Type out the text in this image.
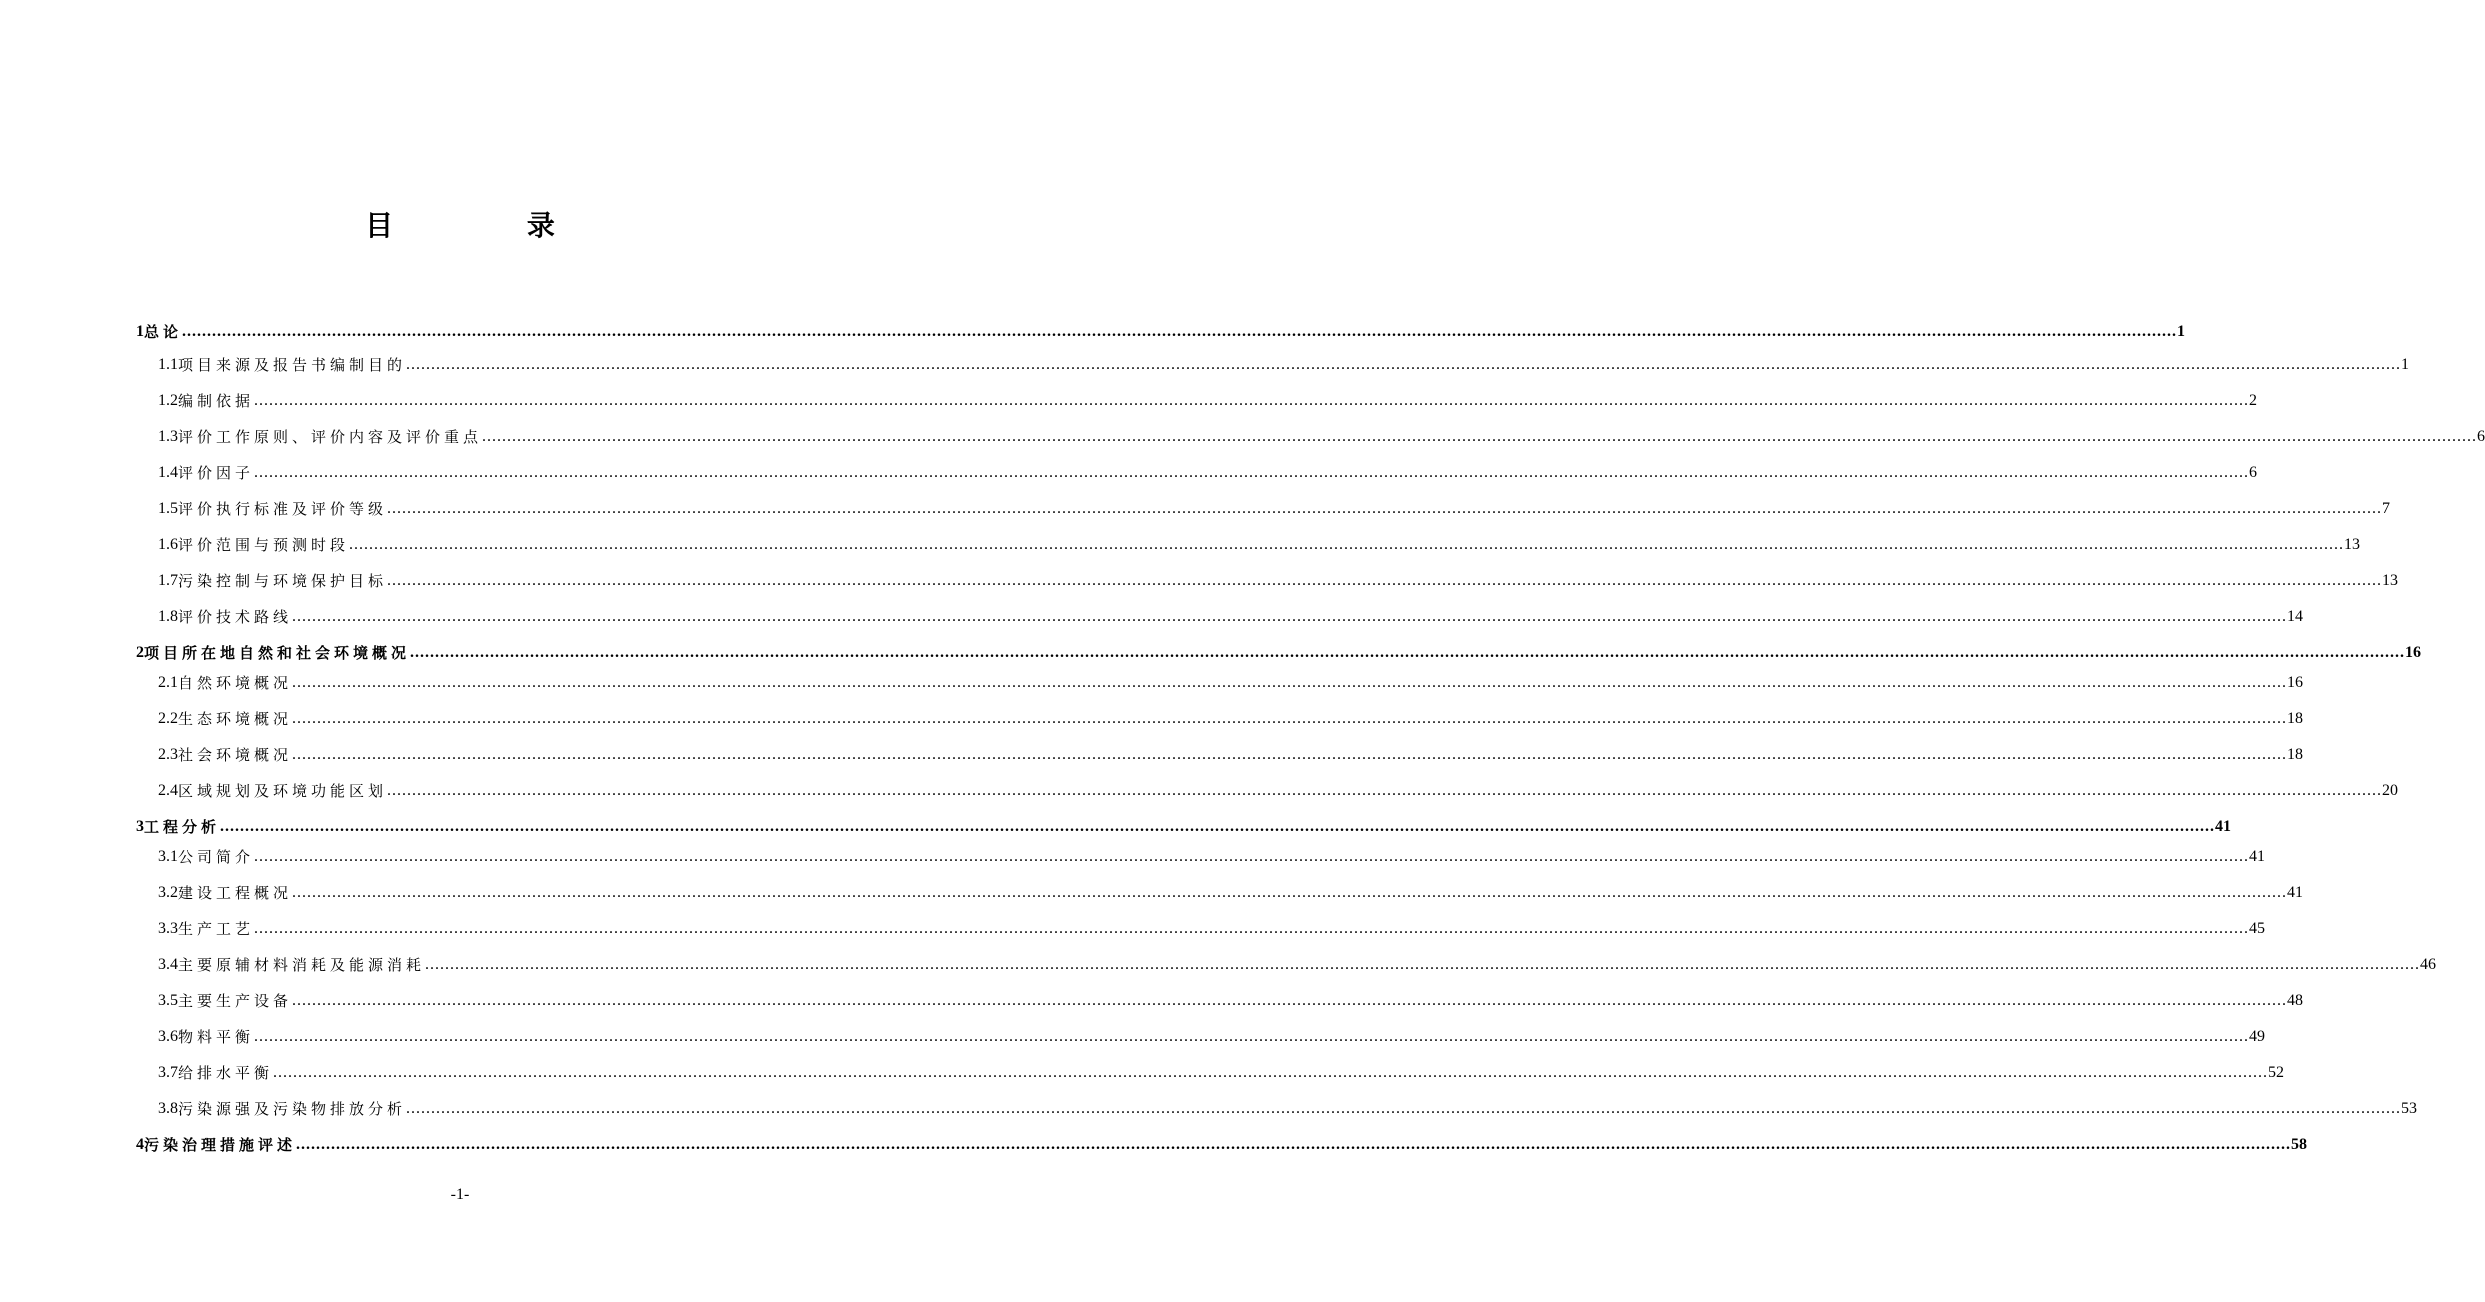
目 录
1 总论 ............................................................................................................................................................................................................................................................................................................................................................................................................... 1
1.1 项目来源及报告书编制目的 ............................................................................................................................................................................................................................................................................................................................................................................................................... 1
1.2 编制依据 ............................................................................................................................................................................................................................................................................................................................................................................................................... 2
1.3 评价工作原则、评价内容及评价重点 ............................................................................................................................................................................................................................................................................................................................................................................................................... 6
1.4 评价因子 ............................................................................................................................................................................................................................................................................................................................................................................................................... 6
1.5 评价执行标准及评价等级 ............................................................................................................................................................................................................................................................................................................................................................................................................... 7
1.6 评价范围与预测时段 ............................................................................................................................................................................................................................................................................................................................................................................................................... 13
1.7 污染控制与环境保护目标 ............................................................................................................................................................................................................................................................................................................................................................................................................... 13
1.8 评价技术路线 ............................................................................................................................................................................................................................................................................................................................................................................................................... 14
2 项目所在地自然和社会环境概况 ............................................................................................................................................................................................................................................................................................................................................................................................................... 16
2.1 自然环境概况 ............................................................................................................................................................................................................................................................................................................................................................................................................... 16
2.2 生态环境概况 ............................................................................................................................................................................................................................................................................................................................................................................................................... 18
2.3 社会环境概况 ............................................................................................................................................................................................................................................................................................................................................................................................................... 18
2.4 区域规划及环境功能区划 ............................................................................................................................................................................................................................................................................................................................................................................................................... 20
3 工程分析 ............................................................................................................................................................................................................................................................................................................................................................................................................... 41
3.1 公司简介 ............................................................................................................................................................................................................................................................................................................................................................................................................... 41
3.2 建设工程概况 ............................................................................................................................................................................................................................................................................................................................................................................................................... 41
3.3 生产工艺 ............................................................................................................................................................................................................................................................................................................................................................................................................... 45
3.4 主要原辅材料消耗及能源消耗 ............................................................................................................................................................................................................................................................................................................................................................................................................... 46
3.5 主要生产设备 ............................................................................................................................................................................................................................................................................................................................................................................................................... 48
3.6 物料平衡 ............................................................................................................................................................................................................................................................................................................................................................................................................... 49
3.7 给排水平衡 ............................................................................................................................................................................................................................................................................................................................................................................................................... 52
3.8 污染源强及污染物排放分析 ............................................................................................................................................................................................................................................................................................................................................................................................................... 53
4 污染治理措施评述 ............................................................................................................................................................................................................................................................................................................................................................................................................... 58
-1-
